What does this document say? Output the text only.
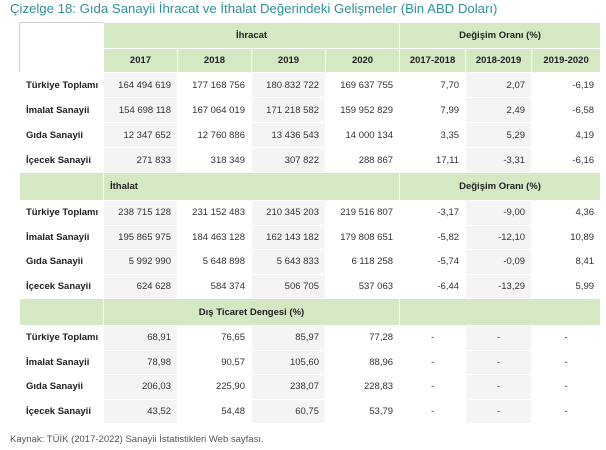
Çizelge 18: Gıda Sanayii İhracat ve İthalat Değerindeki Gelişmeler (Bin ABD Doları)
	İhracat				Değişim Oranı (%)		
	2017	2018	2019	2020	2017-2018	2018-2019	2019-2020
Türkiye Toplamı	164 494 619	177 168 756	180 832 722	169 637 755	7,70	2,07	-6,19
İmalat Sanayii	154 698 118	167 064 019	171 218 582	159 952 829	7,99	2,49	-6,58
Gıda Sanayii	12 347 652	12 760 886	13 436 543	14 000 134	3,35	5,29	4,19
İçecek Sanayii	271 833	318 349	307 822	288 867	17,11	-3,31	-6,16
	İthalat				Değişim Oranı (%)		
Türkiye Toplamı	238 715 128	231 152 483	210 345 203	219 516 807	-3,17	-9,00	4,36
İmalat Sanayii	195 865 975	184 463 128	162 143 182	179 808 651	-5,82	-12,10	10,89
Gıda Sanayii	5 992 990	5 648 898	5 643 833	6 118 258	-5,74	-0,09	8,41
İçecek Sanayii	624 628	584 374	506 705	537 063	-6,44	-13,29	5,99
	Dış Ticaret Dengesi (%)						
Türkiye Toplamı	68,91	76,65	85,97	77,28	-	-	-
İmalat Sanayii	78,98	90,57	105,60	88,96	-	-	-
Gıda Sanayii	206,03	225,90	238,07	228,83	-	-	-
İçecek Sanayii	43,52	54,48	60,75	53,79	-	-	-
Kaynak: TÜİK (2017-2022) Sanayii İstatistikleri Web sayfası.
